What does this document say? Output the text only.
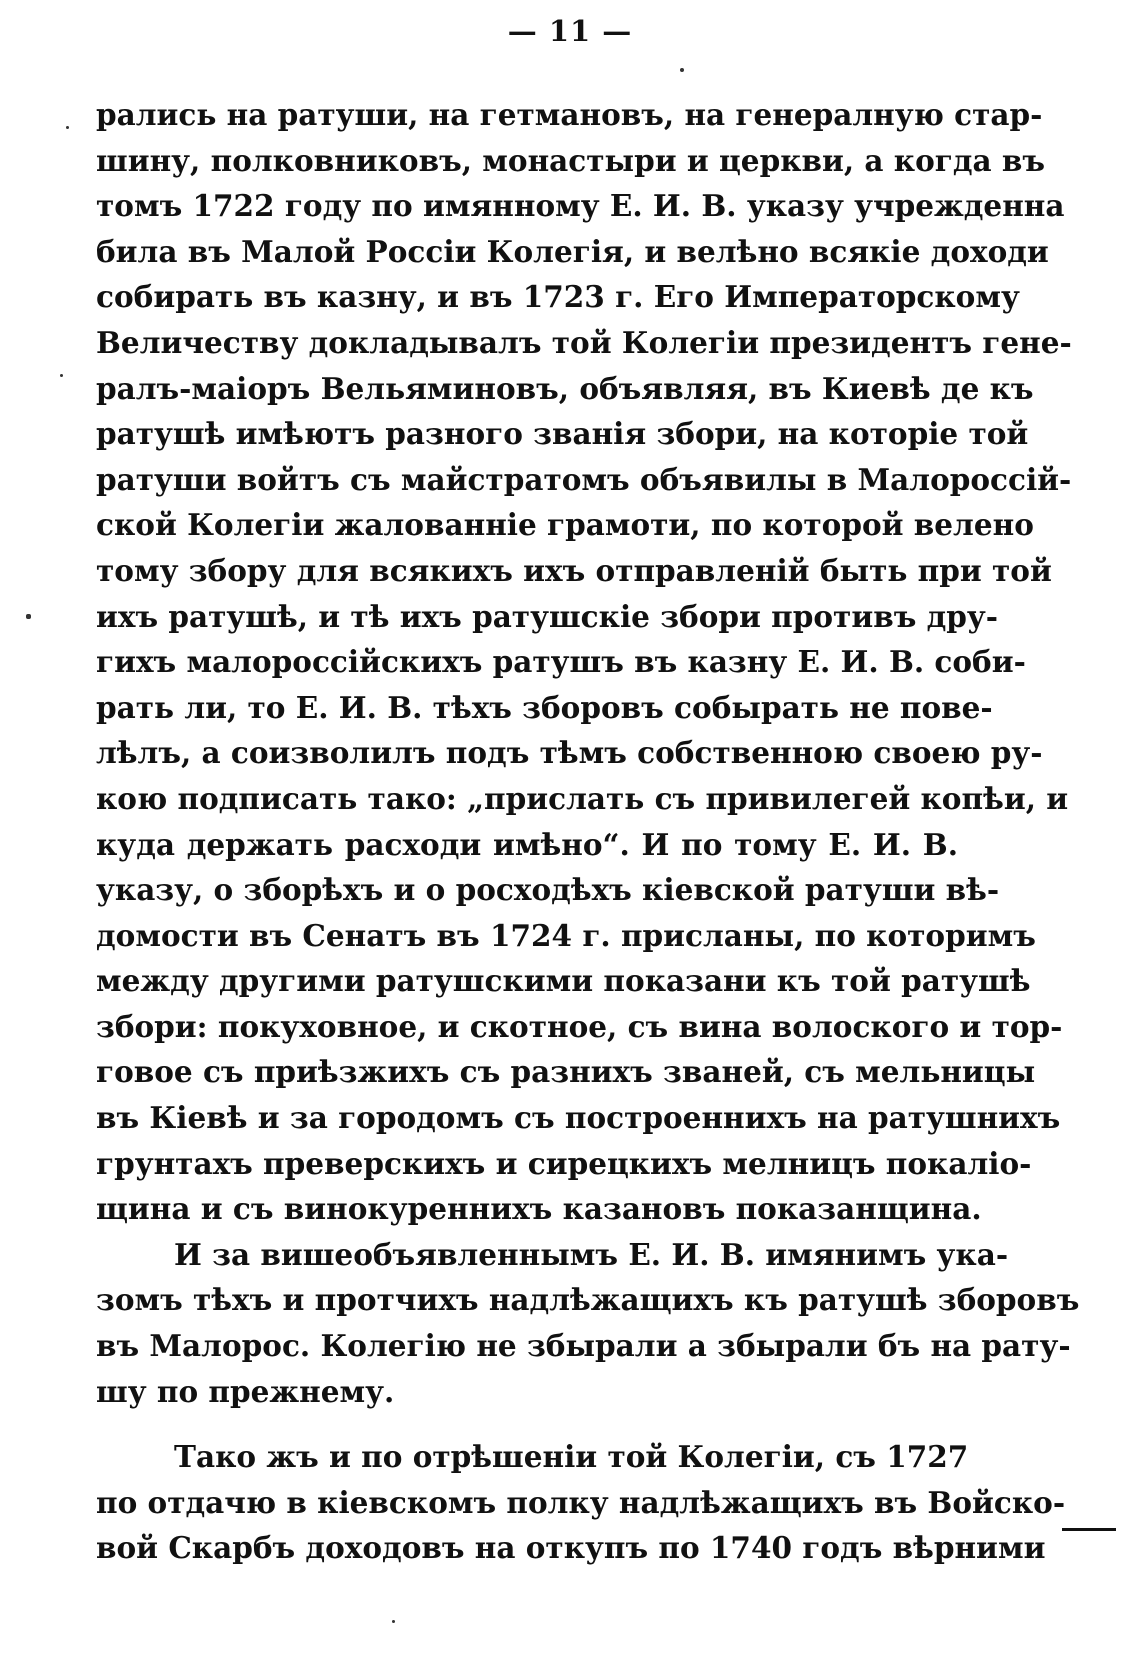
— 11 —
рались на ратуши, на гетмановъ, на генералную стар-
шину, полковниковъ, монастыри и церкви, а когда въ
томъ 1722 году по имянному Е. И. В. указу учрежденна
била въ Малой Россіи Колегія, и велѣно всякіе доходи
собирать въ казну, и въ 1723 г. Его Императорскому
Величеству докладывалъ той Колегіи президентъ гене-
ралъ-маіоръ Вельяминовъ, объявляя, въ Киевѣ де къ
ратушѣ имѣютъ разного званія збори, на которіе той
ратуши войтъ съ майстратомъ объявилы в Малороссій-
ской Колегіи жалованніе грамоти, по которой велено
тому збору для всякихъ ихъ отправленій быть при той
ихъ ратушѣ, и тѣ ихъ ратушскіе збори противъ дру-
гихъ малороссійскихъ ратушъ въ казну Е. И. В. соби-
рать ли, то Е. И. В. тѣхъ зборовъ собырать не пове-
лѣлъ, а соизволилъ подъ тѣмъ собственною своею ру-
кою подписать тако: „прислать съ привилегей копѣи, и
куда держать расходи имѣно“. И по тому Е. И. В.
указу, о зборѣхъ и о росходѣхъ кіевской ратуши вѣ-
домости въ Сенатъ въ 1724 г. присланы, по которимъ
между другими ратушскими показани къ той ратушѣ
збори: покуховное, и скотное, съ вина волоского и тор-
говое съ приѣзжихъ съ разнихъ званей, съ мельницы
въ Кіевѣ и за городомъ съ построеннихъ на ратушнихъ
грунтахъ преверскихъ и сирецкихъ мелницъ покаліо-
щина и съ винокуреннихъ казановъ показанщина.
И за вишеобъявленнымъ Е. И. В. имянимъ ука-
зомъ тѣхъ и протчихъ надлѣжащихъ къ ратушѣ зборовъ
въ Малорос. Колегію не збырали а збырали бъ на рату-
шу по прежнему.
Тако жъ и по отрѣшеніи той Колегіи, съ 1727
по отдачю в кіевскомъ полку надлѣжащихъ въ Войско-
вой Скарбъ доходовъ на откупъ по 1740 годъ вѣрними
